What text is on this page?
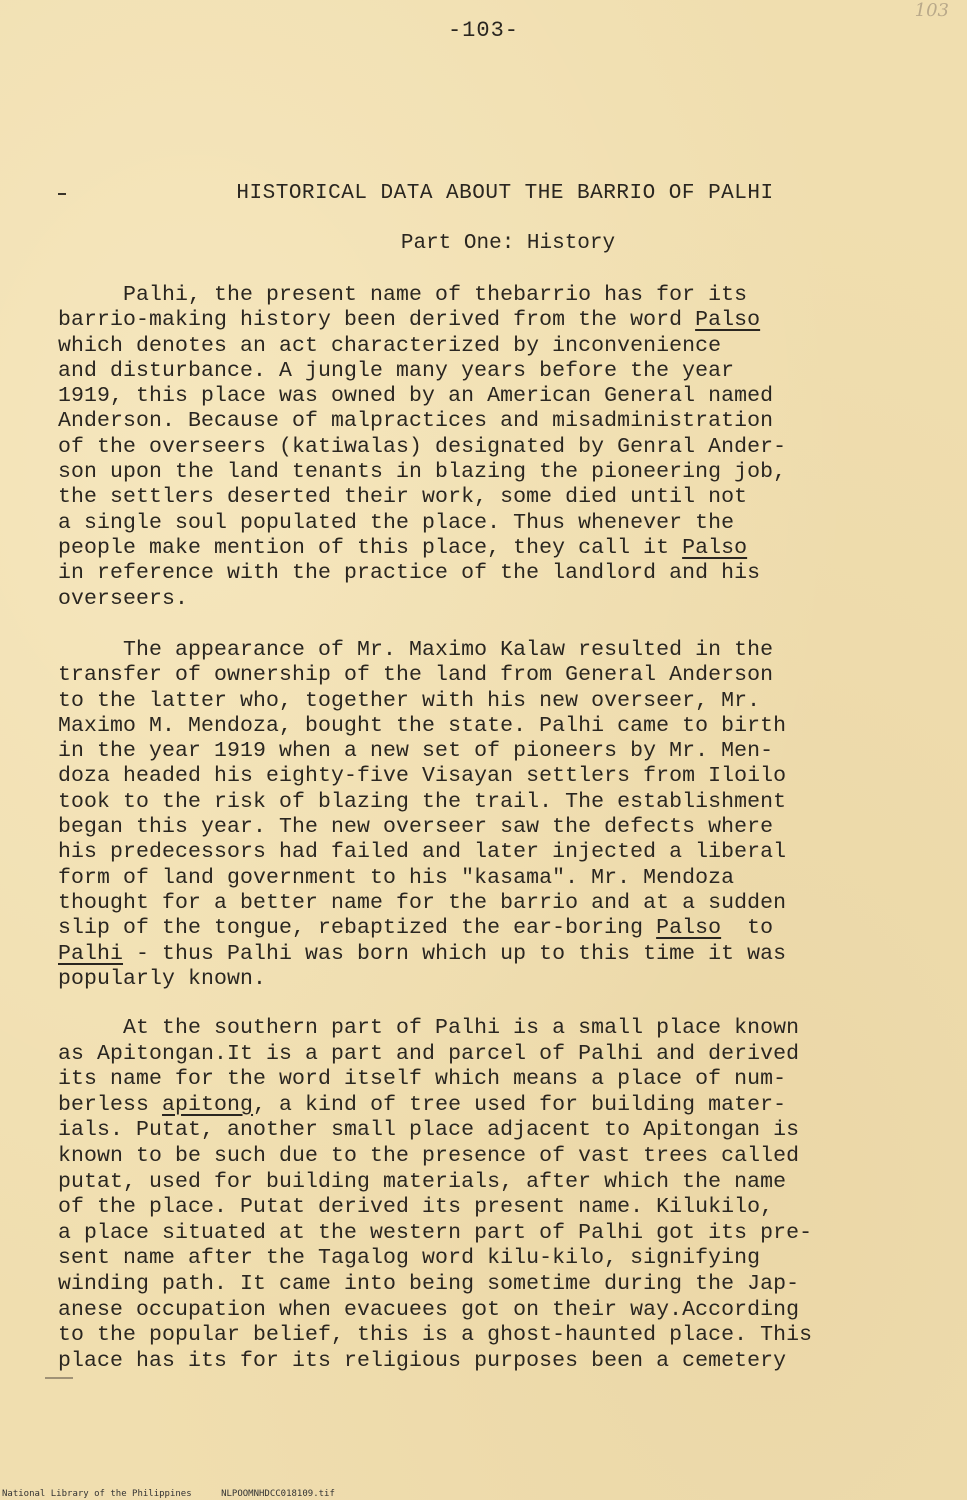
-103-
103
HISTORICAL DATA ABOUT THE BARRIO OF PALHI
Part One: History
Palhi, the present name of thebarrio has for its
barrio-making history been derived from the word Palso
which denotes an act characterized by inconvenience
and disturbance. A jungle many years before the year
1919, this place was owned by an American General named
Anderson. Because of malpractices and misadministration
of the overseers (katiwalas) designated by Genral Ander-
son upon the land tenants in blazing the pioneering job,
the settlers deserted their work, some died until not
a single soul populated the place. Thus whenever the
people make mention of this place, they call it Palso
in reference with the practice of the landlord and his
overseers.
The appearance of Mr. Maximo Kalaw resulted in the
transfer of ownership of the land from General Anderson
to the latter who, together with his new overseer, Mr.
Maximo M. Mendoza, bought the state. Palhi came to birth
in the year 1919 when a new set of pioneers by Mr. Men-
doza headed his eighty-five Visayan settlers from Iloilo
took to the risk of blazing the trail. The establishment
began this year. The new overseer saw the defects where
his predecessors had failed and later injected a liberal
form of land government to his "kasama". Mr. Mendoza
thought for a better name for the barrio and at a sudden
slip of the tongue, rebaptized the ear-boring Palso  to
Palhi - thus Palhi was born which up to this time it was
popularly known.
At the southern part of Palhi is a small place known
as Apitongan.It is a part and parcel of Palhi and derived
its name for the word itself which means a place of num-
berless apitong, a kind of tree used for building mater-
ials. Putat, another small place adjacent to Apitongan is
known to be such due to the presence of vast trees called
putat, used for building materials, after which the name
of the place. Putat derived its present name. Kilukilo,
a place situated at the western part of Palhi got its pre-
sent name after the Tagalog word kilu-kilo, signifying
winding path. It came into being sometime during the Jap-
anese occupation when evacuees got on their way.According
to the popular belief, this is a ghost-haunted place. This
place has its for its religious purposes been a cemetery
National Library of the Philippines	NLPOOMNHDCC018109.tif
